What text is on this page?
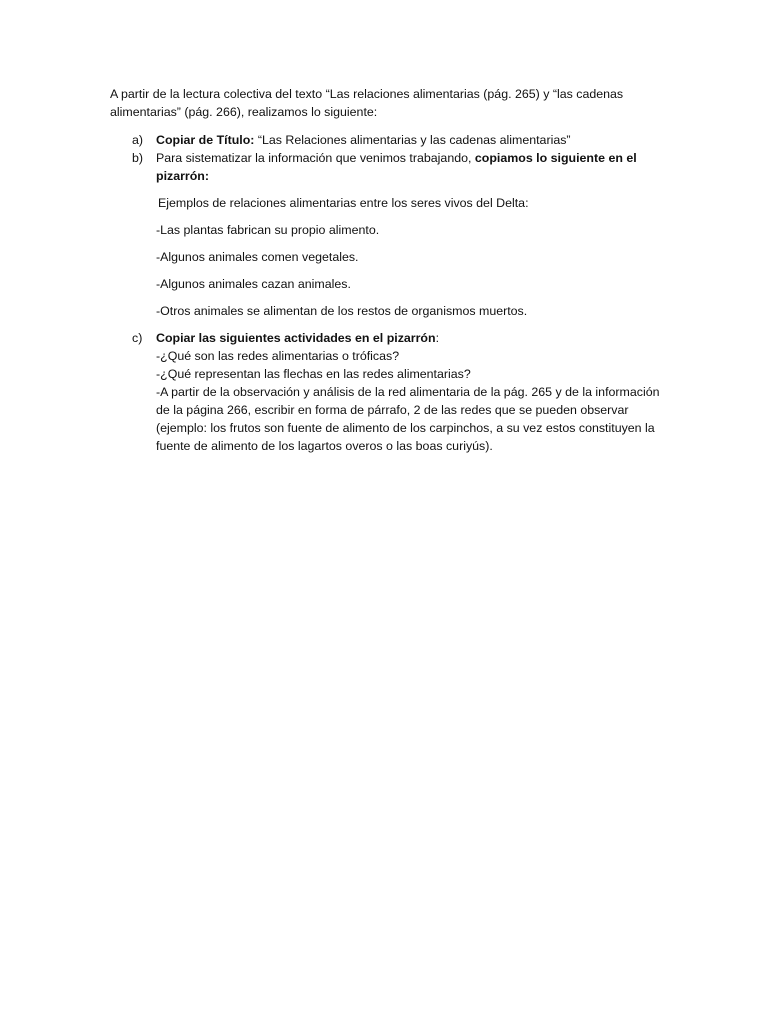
A partir de la lectura colectiva del texto “Las relaciones alimentarias (pág. 265) y “las cadenas alimentarias” (pág. 266), realizamos lo siguiente:

a) Copiar de Título: “Las Relaciones alimentarias y las cadenas alimentarias”

b) Para sistematizar la información que venimos trabajando, copiamos lo siguiente en el pizarrón:

Ejemplos de relaciones alimentarias entre los seres vivos del Delta:

-Las plantas fabrican su propio alimento.

-Algunos animales comen vegetales.

-Algunos animales cazan animales.

-Otros animales se alimentan de los restos de organismos muertos.

c) Copiar las siguientes actividades en el pizarrón:

-¿Qué son las redes alimentarias o tróficas?

-¿Qué representan las flechas en las redes alimentarias?

-A partir de la observación y análisis de la red alimentaria de la pág. 265 y de la información de la página 266, escribir en forma de párrafo, 2 de las redes que se pueden observar (ejemplo: los frutos son fuente de alimento de los carpinchos, a su vez estos constituyen la fuente de alimento de los lagartos overos o las boas curiyús).
